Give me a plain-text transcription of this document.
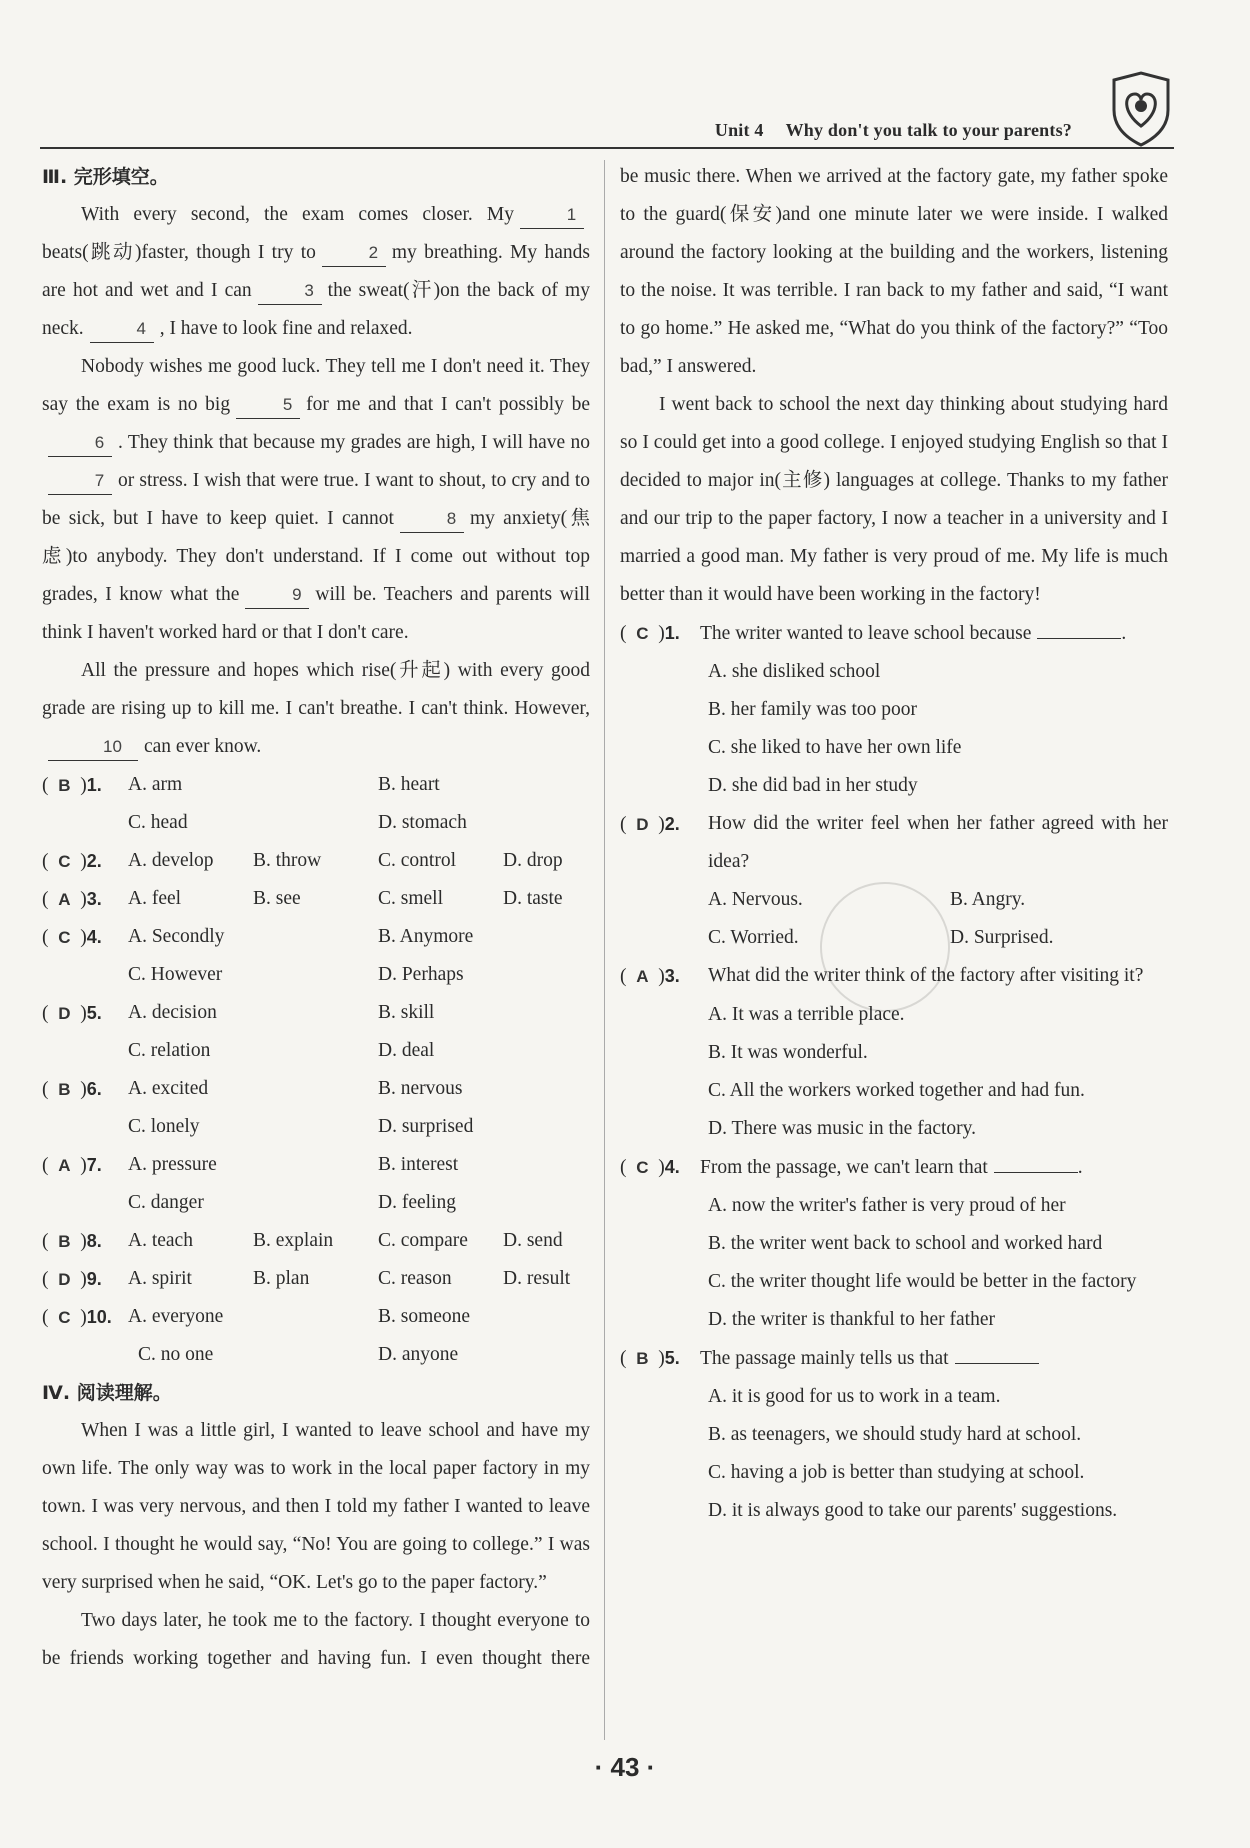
Unit 4 Why don't you talk to your parents?
Ⅲ. 完形填空。

With every second, the exam comes closer. My	1beats(跳动)faster, though I try to	2 my breathing. My hands are hot and wet and I can	3 the sweat(汗)on the back of my neck.	4 , I have to look fine and relaxed.

Nobody wishes me good luck. They tell me I don't need it. They say the exam is no big	5 for me and that I can't possibly be6 . They think that because my grades are high, I will have no7 or stress. I wish that were true. I want to shout, to cry and to be sick, but I have to keep quiet. I cannot	8 my anxiety(焦虑)to anybody. They don't understand. If I come out without top grades, I know what the	9 will be. Teachers and parents will think I haven't worked hard or that I don't care.

All the pressure and hopes which rise(升起) with every good grade are rising up to kill me. I can't breathe. I can't think. However,10 can ever know.

(  B  )1. A. arm	B. heart
C. head	D. stomach
(  C  )2. A. develop B. throw	C. control D. drop
(  A  )3. A. feel	B. see	C. smell	D. taste
(  C  )4. A. Secondly	B. Anymore
C. However	D. Perhaps
(  D  )5. A. decision	B. skill
C. relation	D. deal
(  B  )6. A. excited	B. nervous
C. lonely	D. surprised
(  A  )7. A. pressure	B. interest
C. danger	D. feeling
(  B  )8. A. teach	B. explain C. compare D. send
(  D  )9. A. spirit	B. plan	C. reason	D. result
(  C  )10. A. everyone	B. someone
C. no one	D. anyone
Ⅳ. 阅读理解。

When I was a little girl, I wanted to leave school and have my own life. The only way was to work in the local paper factory in my town. I was very nervous, and then I told my father I wanted to leave school. I thought he would say, “No! You are going to college.” I was very surprised when he said, “OK. Let's go to the paper factory.”

Two days later, he took me to the factory. I thought everyone to be friends working together and having fun. I even thought there

be music there. When we arrived at the factory gate, my father spoke to the guard(保安)and one minute later we were inside. I walked around the factory looking at the building and the workers, listening to the noise. It was terrible. I ran back to my father and said, “I want to go home.” He asked me, “What do you think of the factory?” “Too bad,” I answered.

I went back to school the next day thinking about studying hard so I could get into a good college. I enjoyed studying English so that I decided to major in(主修) languages at college. Thanks to my father and our trip to the paper factory, I now a teacher in a university and I married a good man. My father is very proud of me. My life is much better than it would have been working in the factory!

(  C  )1. The writer wanted to leave school because	.
A. she disliked school
B. her family was too poor
C. she liked to have her own life
D. she did bad in her study
(  D  )2.	How did the writer feel when her father agreed with her idea?
A. Nervous.	B. Angry.
C. Worried.	D. Surprised.
(  A  )3.	What did the writer think of the factory after visiting it?
A. It was a terrible place.
B. It was wonderful.
C. All the workers worked together and had fun.
D. There was music in the factory.
(  C  )4. From the passage, we can't learn that	.
A. now the writer's father is very proud of her
B. the writer went back to school and worked hard
C. the writer thought life would be better in the factory
D. the writer is thankful to her father
(  B  )5. The passage mainly tells us that
A. it is good for us to work in a team.
B. as teenagers, we should study hard at school.
C. having a job is better than studying at school.
D. it is always good to take our parents' suggestions.
· 43 ·
